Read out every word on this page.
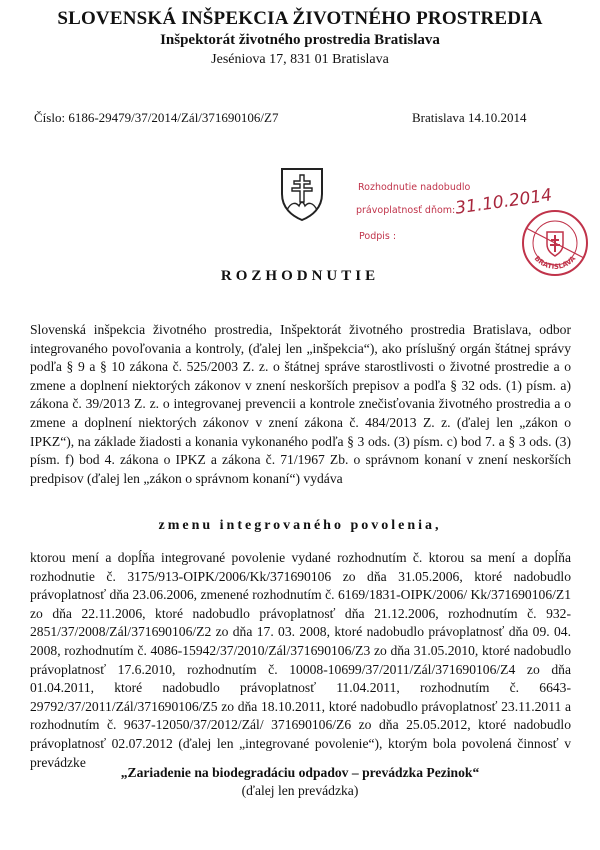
SLOVENSKÁ INŠPEKCIA ŽIVOTNÉHO PROSTREDIA
Inšpektorát životného prostredia Bratislava
Jeséniova 17, 831 01 Bratislava
Číslo: 6186-29479/37/2014/Zál/371690106/Z7	Bratislava 14.10.2014
Rozhodnutie nadobudlo
právoplatnosť dňom:
Podpis :
31.10.2014
BRATISLAVA
ROZHODNUTIE
Slovenská inšpekcia životného prostredia, Inšpektorát životného prostredia Bratislava, odbor integrovaného povoľovania a kontroly, (ďalej len „inšpekcia“), ako príslušný orgán štátnej správy podľa § 9 a § 10 zákona č. 525/2003 Z. z. o štátnej správe starostlivosti o životné prostredie a o zmene a doplnení niektorých zákonov v znení neskorších prepisov a podľa § 32 ods. (1) písm. a) zákona č. 39/2013 Z. z. o integrovanej prevencii a kontrole znečisťovania životného prostredia a o zmene a doplnení niektorých zákonov v znení zákona č. 484/2013 Z. z. (ďalej len „zákon o IPKZ“), na základe žiadosti a konania vykonaného podľa § 3 ods. (3) písm. c) bod 7. a § 3 ods. (3) písm. f) bod 4. zákona o IPKZ a zákona č. 71/1967 Zb. o správnom konaní v znení neskorších predpisov (ďalej len „zákon o správnom konaní“) vydáva
zmenu integrovaného povolenia,
ktorou mení a dopĺňa integrované povolenie vydané rozhodnutím č. ktorou sa mení a dopĺňa rozhodnutie č. 3175/913-OIPK/2006/Kk/371690106 zo dňa 31.05.2006, ktoré nadobudlo právoplatnosť dňa 23.06.2006, zmenené rozhodnutím č. 6169/1831-OIPK/2006/ Kk/371690106/Z1 zo dňa 22.11.2006, ktoré nadobudlo právoplatnosť dňa 21.12.2006, rozhodnutím č. 932-2851/37/2008/Zál/371690106/Z2 zo dňa 17. 03. 2008, ktoré nadobudlo právoplatnosť dňa 09. 04. 2008, rozhodnutím č. 4086-15942/37/2010/Zál/371690106/Z3 zo dňa 31.05.2010, ktoré nadobudlo právoplatnosť 17.6.2010, rozhodnutím č. 10008-10699/37/2011/Zál/371690106/Z4 zo dňa 01.04.2011, ktoré nadobudlo právoplatnosť 11.04.2011, rozhodnutím č. 6643-29792/37/2011/Zál/371690106/Z5 zo dňa 18.10.2011, ktoré nadobudlo právoplatnosť 23.11.2011 a rozhodnutím č. 9637-12050/37/2012/Zál/ 371690106/Z6 zo dňa 25.05.2012, ktoré nadobudlo právoplatnosť 02.07.2012 (ďalej len „integrované povolenie“), ktorým bola povolená činnosť v prevádzke
„Zariadenie na biodegradáciu odpadov – prevádzka Pezinok“
(ďalej len prevádzka)
